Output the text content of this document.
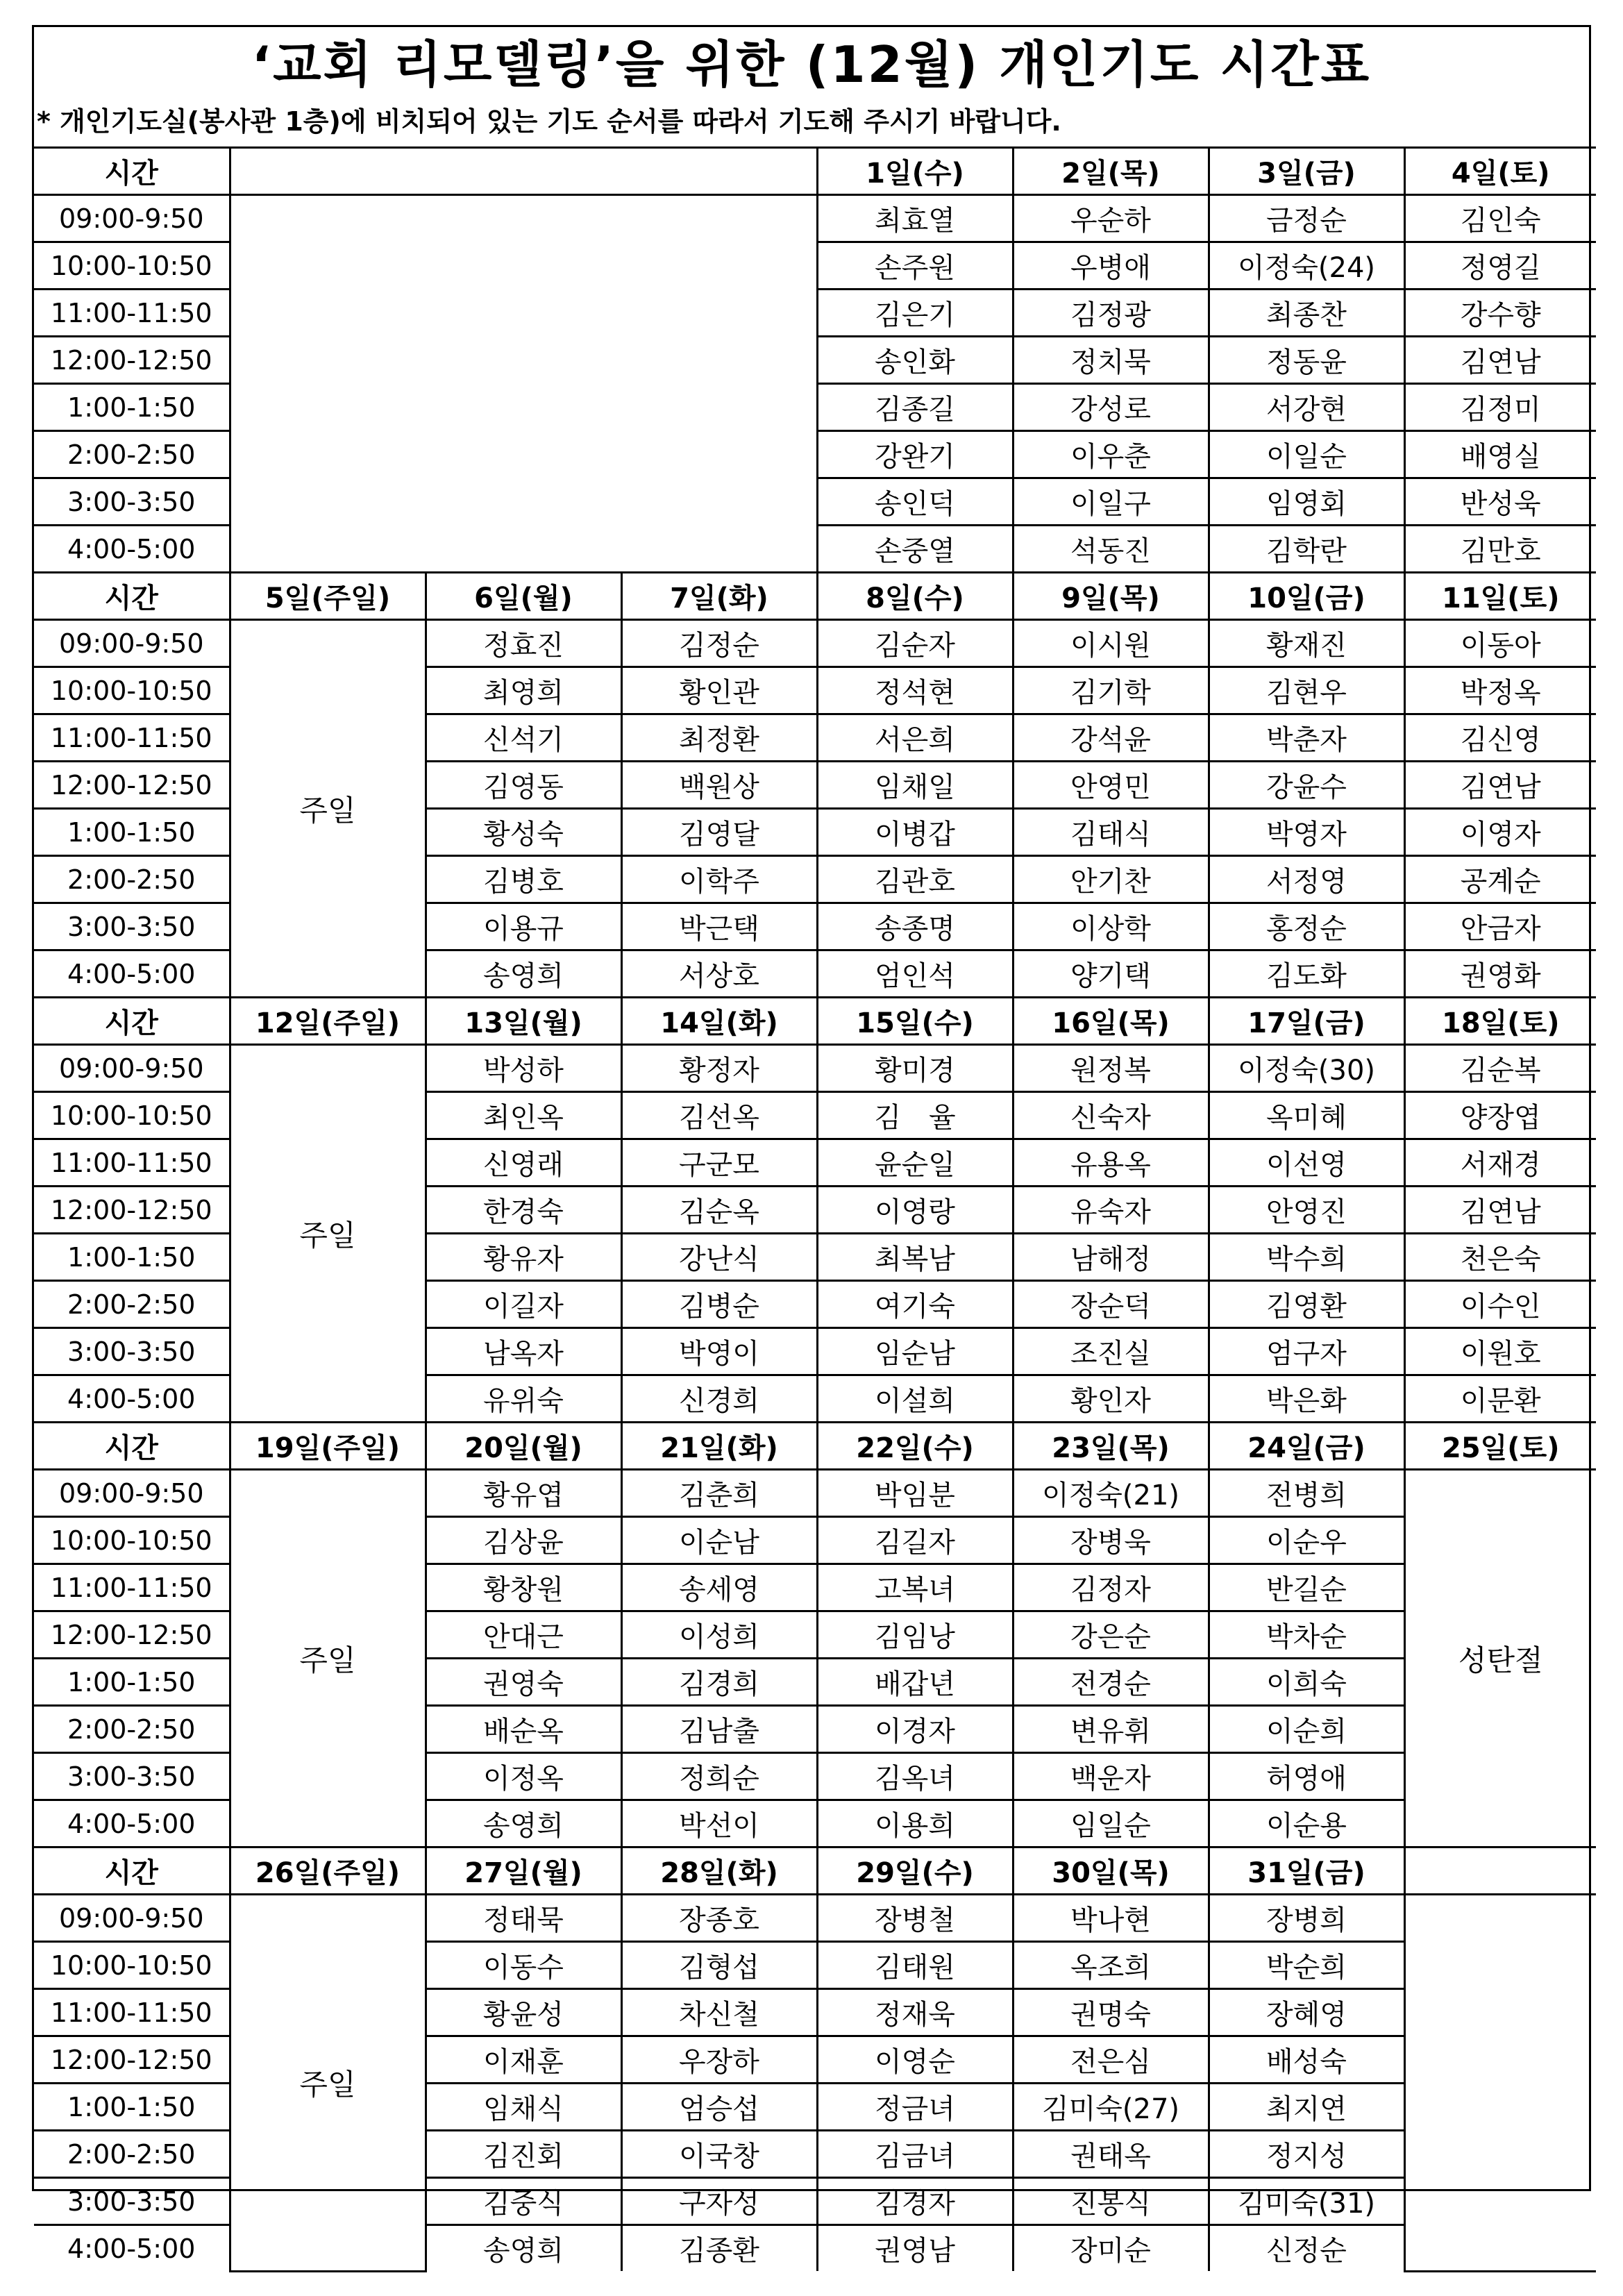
‘교회 리모델링’을 위한 (12월) 개인기도 시간표
* 개인기도실(봉사관 1층)에 비치되어 있는 기도 순서를 따라서 기도해 주시기 바랍니다.
시간				1일(수)	2일(목)	3일(금)	4일(토)
09:00-9:50				최효열	우순하	금정순	김인숙
10:00-10:50				손주원	우병애	이정숙(24)	정영길
11:00-11:50				김은기	김정광	최종찬	강수향
12:00-12:50				송인화	정치묵	정동윤	김연남
1:00-1:50				김종길	강성로	서강현	김정미
2:00-2:50				강완기	이우춘	이일순	배영실
3:00-3:50				송인덕	이일구	임영회	반성욱
4:00-5:00				손중열	석동진	김학란	김만호
시간	5일(주일)	6일(월)	7일(화)	8일(수)	9일(목)	10일(금)	11일(토)
09:00-9:50	주일	정효진	김정순	김순자	이시원	황재진	이동아
10:00-10:50		최영희	황인관	정석현	김기학	김현우	박정옥
11:00-11:50		신석기	최정환	서은희	강석윤	박춘자	김신영
12:00-12:50		김영동	백원상	임채일	안영민	강윤수	김연남
1:00-1:50		황성숙	김영달	이병갑	김태식	박영자	이영자
2:00-2:50		김병호	이학주	김관호	안기찬	서정영	공계순
3:00-3:50		이용규	박근택	송종명	이상학	홍정순	안금자
4:00-5:00		송영희	서상호	엄인석	양기택	김도화	권영화
시간	12일(주일)	13일(월)	14일(화)	15일(수)	16일(목)	17일(금)	18일(토)
09:00-9:50	주일	박성하	황정자	황미경	원정복	이정숙(30)	김순복
10:00-10:50		최인옥	김선옥	김　율	신숙자	옥미혜	양장엽
11:00-11:50		신영래	구군모	윤순일	유용옥	이선영	서재경
12:00-12:50		한경숙	김순옥	이영랑	유숙자	안영진	김연남
1:00-1:50		황유자	강난식	최복남	남해정	박수희	천은숙
2:00-2:50		이길자	김병순	여기숙	장순덕	김영환	이수인
3:00-3:50		남옥자	박영이	임순남	조진실	엄구자	이원호
4:00-5:00		유위숙	신경희	이설희	황인자	박은화	이문환
시간	19일(주일)	20일(월)	21일(화)	22일(수)	23일(목)	24일(금)	25일(토)
09:00-9:50	주일	황유엽	김춘희	박임분	이정숙(21)	전병희	성탄절
10:00-10:50		김상윤	이순남	김길자	장병욱	이순우	
11:00-11:50		황창원	송세영	고복녀	김정자	반길순	
12:00-12:50		안대근	이성희	김임낭	강은순	박차순	
1:00-1:50		권영숙	김경희	배갑년	전경순	이희숙	
2:00-2:50		배순옥	김남출	이경자	변유휘	이순희	
3:00-3:50		이정옥	정희순	김옥녀	백운자	허영애	
4:00-5:00		송영희	박선이	이용희	임일순	이순용	
시간	26일(주일)	27일(월)	28일(화)	29일(수)	30일(목)	31일(금)	
09:00-9:50	주일	정태묵	장종호	장병철	박나현	장병희	
10:00-10:50		이동수	김형섭	김태원	옥조희	박순희	
11:00-11:50		황윤성	차신철	정재욱	권명숙	장혜영	
12:00-12:50		이재훈	우장하	이영순	전은심	배성숙	
1:00-1:50		임채식	엄승섭	정금녀	김미숙(27)	최지연	
2:00-2:50		김진회	이국창	김금녀	권태옥	정지성	
3:00-3:50		김중식	구자성	김경자	진봉식	김미숙(31)	
4:00-5:00		송영희	김종환	권영남	장미순	신정순	
